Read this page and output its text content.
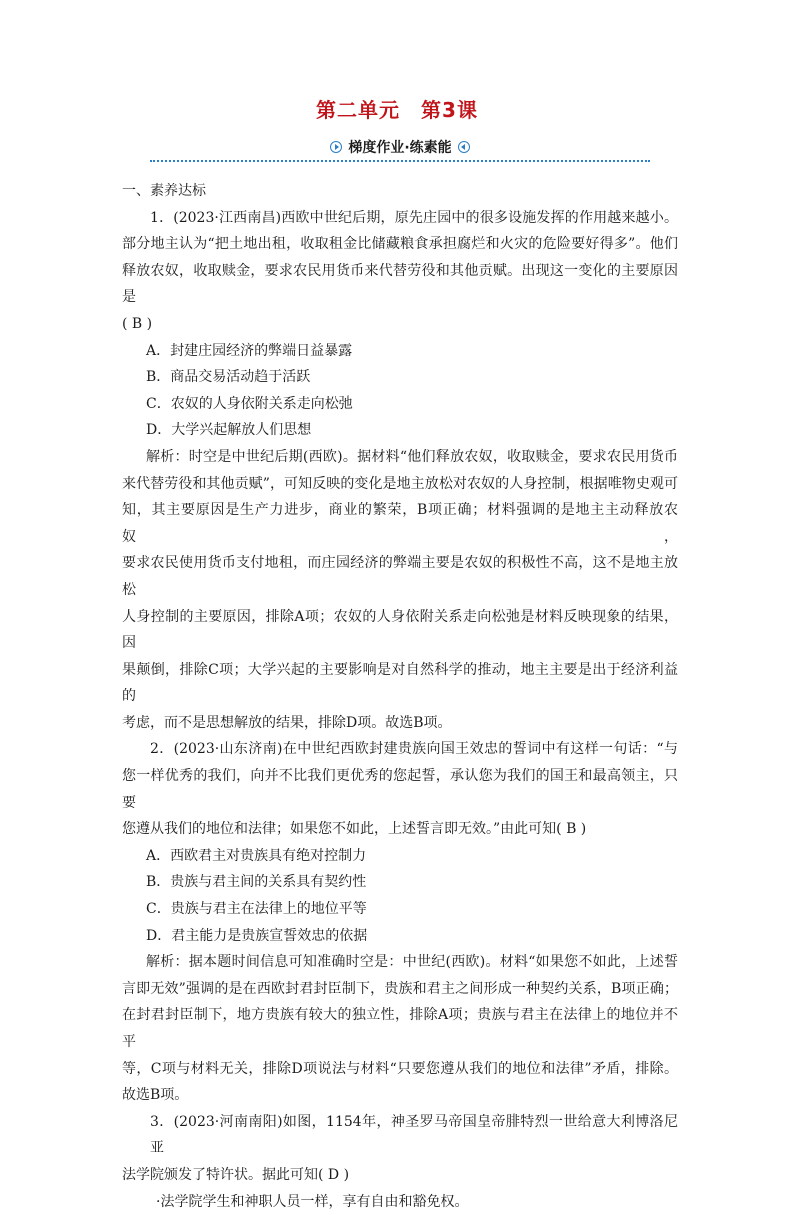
第二单元　第3课
梯度作业·练素能
一、素养达标
1．(2023·江西南昌)西欧中世纪后期，原先庄园中的很多设施发挥的作用越来越小。
部分地主认为“把土地出租，收取租金比储藏粮食承担腐烂和火灾的危险要好得多”。他们
释放农奴，收取赎金，要求农民用货币来代替劳役和其他贡赋。出现这一变化的主要原因是
( B )
A．封建庄园经济的弊端日益暴露
B．商品交易活动趋于活跃
C．农奴的人身依附关系走向松弛
D．大学兴起解放人们思想
解析：时空是中世纪后期(西欧)。据材料“他们释放农奴，收取赎金，要求农民用货币
来代替劳役和其他贡赋”，可知反映的变化是地主放松对农奴的人身控制，根据唯物史观可
知，其主要原因是生产力进步，商业的繁荣，B项正确；材料强调的是地主主动释放农奴，
要求农民使用货币支付地租，而庄园经济的弊端主要是农奴的积极性不高，这不是地主放松
人身控制的主要原因，排除A项；农奴的人身依附关系走向松弛是材料反映现象的结果，因
果颠倒，排除C项；大学兴起的主要影响是对自然科学的推动，地主主要是出于经济利益的
考虑，而不是思想解放的结果，排除D项。故选B项。
2．(2023·山东济南)在中世纪西欧封建贵族向国王效忠的誓词中有这样一句话：“与
您一样优秀的我们，向并不比我们更优秀的您起誓，承认您为我们的国王和最高领主，只要
您遵从我们的地位和法律；如果您不如此，上述誓言即无效。”由此可知( B )
A．西欧君主对贵族具有绝对控制力
B．贵族与君主间的关系具有契约性
C．贵族与君主在法律上的地位平等
D．君主能力是贵族宣誓效忠的依据
解析：据本题时间信息可知准确时空是：中世纪(西欧)。材料“如果您不如此，上述誓
言即无效”强调的是在西欧封君封臣制下，贵族和君主之间形成一种契约关系，B项正确；
在封君封臣制下，地方贵族有较大的独立性，排除A项；贵族与君主在法律上的地位并不平
等，C项与材料无关，排除D项说法与材料“只要您遵从我们的地位和法律”矛盾，排除。
故选B项。
3．(2023·河南南阳)如图，1154年，神圣罗马帝国皇帝腓特烈一世给意大利博洛尼亚
法学院颁发了特许状。据此可知( D )
·法学院学生和神职人员一样，享有自由和豁免权。
